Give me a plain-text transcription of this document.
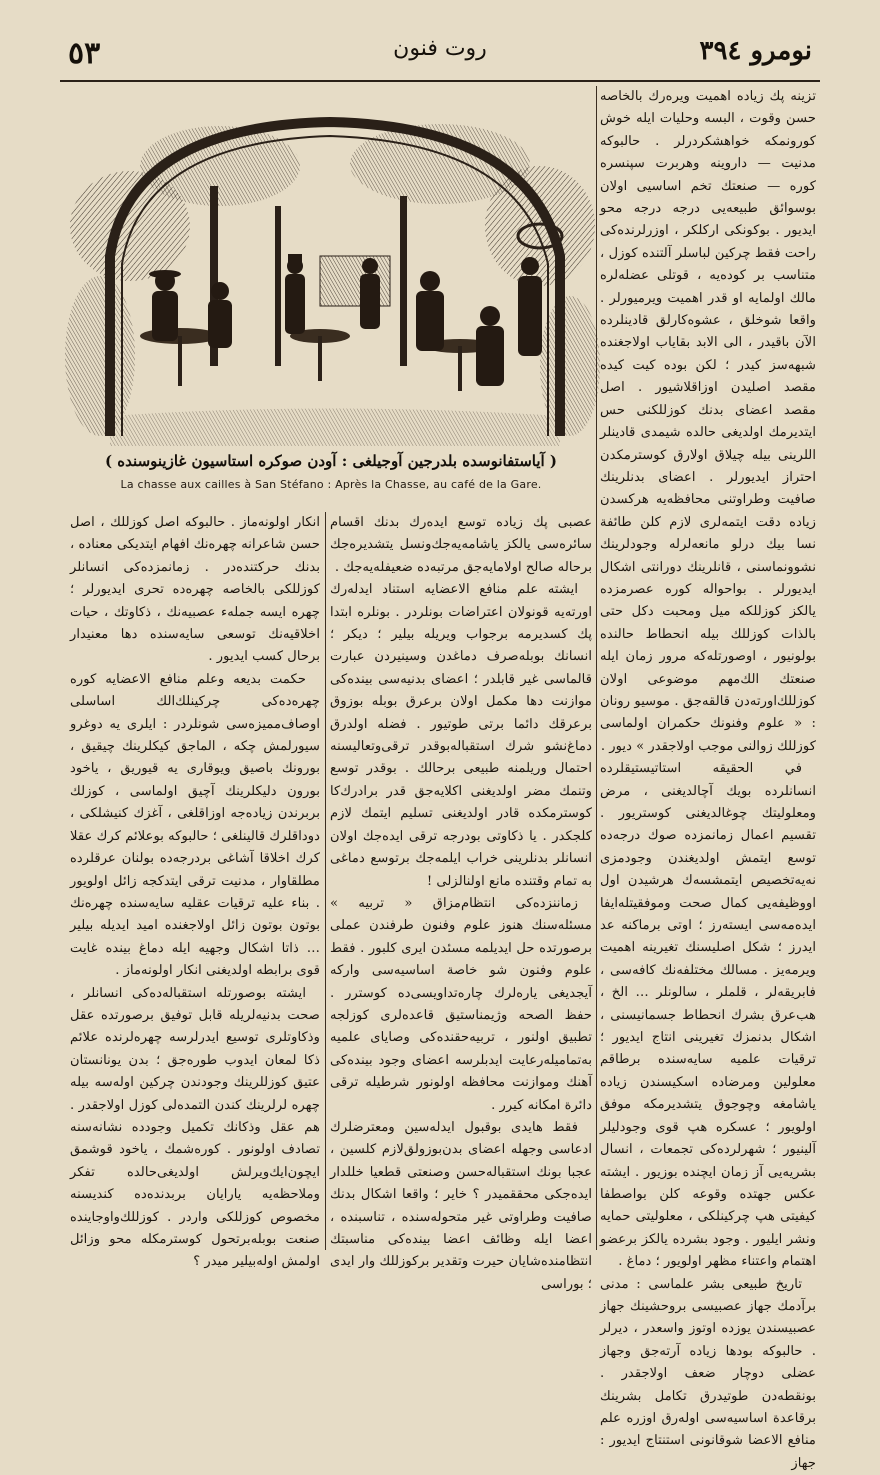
٥٣	روت فنون	نومرو ٣٩٤
( آياستفانوسده بلدرجين آوجيلغى : آودن صوكره استاسيون غازينوسنده )
La chasse aux cailles à San Stéfano : Après la Chasse, au café de la Gare.

تزينه پك زياده اهميت ويره‌رك بالخاصه حسن وقوت ، البسه وحليات ايله خوش كورونمكه خواهشكردرلر . حالبوكه مدنيت — داروينه وهربرت سپنسره كوره — صنعتك تخم اساسيى اولان بوسوائق طبيعه‌يى درجه درجه محو ايديور . بوكونكى اركلكر ، اوزرلرنده‌كى راحت فقط چركين لباسلر آلتنده كوزل ، متناسب بر كوده‌يه ، قوتلى عضله‌لره مالك اولمايه او قدر اهميت ويرميورلر . واقعا شوخلق ، عشوه‌كارلق قادينلرده الآن باقيدر ، الى الابد بقاياب اولاجغنده شبهه‌سز كيدر ؛ لكن بوده كيت كيده مقصد اصليدن اوزاقلاشيور . اصل مقصد اعضاى بدنك كوزللكنى حس ايتديرمك اولديغى حالده شيمدى قادينلر اللرينى بيله چيلاق اولارق كوسترمكدن احتراز ايديورلر . اعضاى بدنلرينك صافيت وطراوتنى محافظه‌يه هركسدن زياده دقت ايتمه‌لرى لازم كلن طائفة نسا بيك درلو مانعه‌لرله وجودلرينك نشوونماسنى ، قانلرينك دورانتى اشكال ايديورلر . بواحواله كوره عصرمزده يالكز كوزللكه ميل ومحبت دكل حتى بالذات كوزللك بيله انحطاط حالنده بولونيور ، اوصورتله‌كه مرور زمان ايله صنعتك الك‌مهم موضوعى اولان كوزللك‌اورته‌دن قالقه‌جق . موسيو رونان : « علوم وفنونك حكمران اولماسى كوزللك زوالنى موجب اولاجقدر » ديور .

في الحقيقه استاتيستيقلرده انسانلرده بويك آچالديغنى ، مرض ومعلوليتك چوغالديغنى كوستريور . تقسيم اعمال زمانمزده صوك درجه‌ده توسع ايتمش اولديغندن وجودمزى نه‌يه‌تخصيص ايتمشسه‌ك هرشيدن اول اووظيفه‌يى كمال صحت وموفقيتله‌ايفا ايده‌مه‌سى ايسته‌رز ؛ اوتى برماكنه عد ايدرز ؛ شكل اصليسنك تغيرينه اهميت ويرمه‌يز . مسالك مختلفه‌نك كافه‌سى ، فابريقه‌لر ، قلملر ، سالونلر … الخ ، هب‌عرق بشرك انحطاط جسمانيسنى ، اشكال بدنمزك تغيرينى انتاج ايديور ؛ ترقيات علميه سايه‌سنده برطاقم معلولين ومرضاده اسكيسندن زياده ياشامغه وچوجوق يتشديرمكه موفق اولويور ؛ عسكره هپ قوى وجودليلر آلينيور ؛ شهرلرده‌كى تجمعات ، انسال بشريه‌يى آز زمان ايچنده بوزيور . ايشته عكس جهتده وقوعه كلن بواصطفا كيفيتى هپ چركينلكى ، معلوليتى حمايه ونشر ايليور . وجود بشرده يالكز برعضو اهتمام واعتناء مظهر اولويور ؛ دماغ .

تاريخ طبيعى بشر علماسى : مدنى برآدمك جهاز عصبيسى بروحشينك جهاز عصبيسندن يوزده اوتوز واسعدر ، ديرلر . حالبوكه بودها زياده آرته‌جق وجهاز عضلى دوچار ضعف اولاجقدر . بونقطه‌دن طوتيدرق تكامل بشرينك برقاعدة اساسيه‌سى اوله‌رق اوزره علم منافع الاعضا شوقانونى استنتاج ايديور : جهاز

عصبى پك زياده توسع ايده‌رك بدنك اقسام سائره‌سى يالكز ياشامه‌يه‌جك‌ونسل يتشديره‌جك برحاله صالح اولامايه‌جق مرتبه‌ده ضعيفله‌يه‌جك .

ايشته علم منافع الاعضايه استناد ايدله‌رك اورته‌يه قونولان اعتراضات بونلردر . بونلره ابتدا پك كسديرمه برجواب ويريله بيلير ؛ ديكر ؛ انسانك بوبله‌صرف دماغدن وسينيردن عبارت قالماسى غير قابلدر ؛ اعضاى بدنيه‌سى بينده‌كى موازنت دها مكمل اولان برعرق بوبله بوزوق برعرقك دائما برتى طوتيور . فضله اولدرق دماغ‌نشو شرك استقباله‌بوقدر ترقى‌وتعاليسنه احتمال وريلمنه طبيعى برحالك . بوقدر توسع وتنمك مضر اولديغنى اكلايه‌جق قدر برادرك‌كا كوسترمكده قادر اولديغنى تسليم ايتمك لازم كلجكدر . يا ذكاوتى بودرجه ترقى ايده‌جك اولان انسانلر بدنلرينى خراب ايلمه‌جك برتوسع دماغى به تمام وقتنده مانع اولنالزلى !

زماننزده‌كى انتظام‌مزاق « تربيه » مسئله‌سنك هنوز علوم وفنون طرفندن عملى برصورتده حل ايديلمه مسئدن ايرى كلبور . فقط علوم وفنون شو خاصة اساسيه‌سى واركه آيجديغى يارەلرك چاره‌تداويسى‌ده كوسترر . حفظ الصحه وژيمناستيق قاعده‌لرى كوزلجه تطبيق اولنور ، تربيه‌حقنده‌كى وصاياى علميه به‌تماميله‌رعايت ايدبلرسه اعضاى وجود بينده‌كى آهنك وموازنت محافظه اولونور شرطيله ترقى دائرة امكانه كيرر .

فقط هايدى بوقبول ايدله‌سين ومعترضلرك ادعاسى وجهله اعضاى بدن‌بوزولق‌لازم كلسين ، عجبا بونك استقباله‌حسن وصنعتى قطعيا خللدار ايده‌جكى محققميدر ؟ خاير ؛ واقعا اشكال بدنك صافيت وطراوتى غير متحوله‌سنده ، تناسبنده ، اعضا ايله وظائف اعضا بينده‌كى مناسبتك انتظامنده‌شايان حيرت وتقدير بركوزللك وار ايدى ؛ بوراسى

انكار اولونه‌ماز . حالبوكه اصل كوزللك ، اصل حسن شاعرانه چهره‌نك افهام ايتديكى معناده ، بدنك حركتنده‌در . زمانمزده‌كى انسانلر كوزللكى بالخاصه چهره‌ده تحرى ايديورلر ؛ چهره ايسه جمله‌ء عصبيه‌نك ، ذكاوتك ، حيات اخلاقيه‌نك توسعى سايه‌سنده دها معنيدار برحال كسب ايديور .

حكمت بديعه وعلم منافع الاعضايه كوره چهره‌ده‌كى چركينلك‌الك اساسلى اوصاف‌مميزه‌سى شونلردر : ايلرى يه دوغرو سيورلمش چكه ، الماجق كيكلرينك چيقيق ، بورونك باصيق ويوقارى يه قيوريق ، ياخود بورون دليكلرينك آچيق اولماسى ، كوزلك بربرندن زياده‌جه اوزاقلغى ، آغزك كنيشلكى ، دوداقلرك قالينلغى ؛ حالبوكه بوعلائم كرك عقلا كرك اخلاقا آشاغى بردرجه‌ده بولنان عرقلرده مطلقاوار ، مدنيت ترقى ايتدكجه زائل اولويور . بناء عليه ترقيات عقليه سايه‌سنده چهره‌نك بوتون بوتون زائل اولاجغنده اميد ايديله بيلير … ذاتا اشكال وجهيه ايله دماغ بينده غايت قوى برابطه اولديغنى انكار اولونه‌ماز .

ايشته بوصورتله استقباله‌ده‌كى انسانلر ، صحت بدنيه‌لريله قابل توفيق برصورتده عقل وذكاوتلرى توسيع ايدرلرسه چهره‌لرنده علائم ذكا لمعان ايدوب طوره‌جق ؛ بدن يونانستان عتيق كوزللرينك وجودندن چركين اوله‌سه بيله چهره لرلرينك كندن التمده‌لى كوزل اولاجقدر . هم عقل وذكانك تكميل وجودده نشانه‌سنه تصادف اولونور . كورەشمك ، ياخود قوشمق ايچون‌ايك‌ويرلش اولديغى‌حالده تفكر وملاحظه‌يه يارايان بربدنده‌ده كنديسنه مخصوص كوزللكى واردر . كوزللك‌واوجاينده صنعت بوبله‌برتحول كوسترمكله محو وزائل اولمش اوله‌بيلير ميدر ؟
